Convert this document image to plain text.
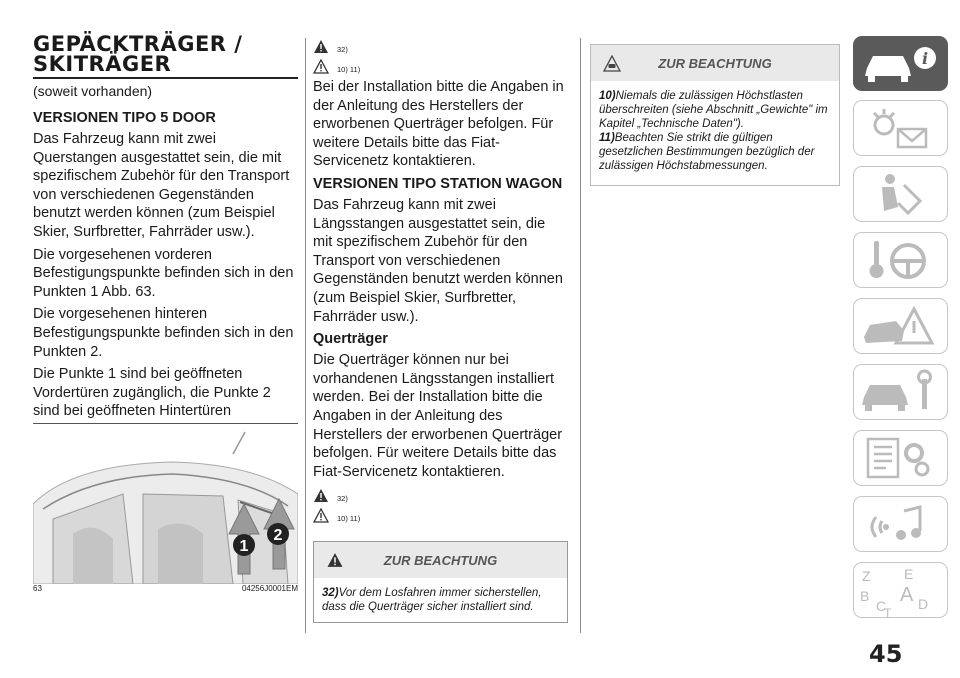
GEPÄCKTRÄGER /
SKITRÄGER
(soweit vorhanden)
VERSIONEN TIPO 5 DOOR

Das Fahrzeug kann mit zwei Querstangen ausgestattet sein, die mit spezifischem Zubehör für den Transport von verschiedenen Gegenständen benutzt werden können (zum Beispiel Skier, Surfbretter, Fahrräder usw.).

Die vorgesehenen vorderen Befestigungspunkte befinden sich in den Punkten 1 Abb. 63.

Die vorgesehenen hinteren Befestigungspunkte befinden sich in den Punkten 2.

Die Punkte 1 sind bei geöffneten Vordertüren zugänglich, die Punkte 2 sind bei geöffneten Hintertüren

1
2
63	04256J0001EM
32)
10) 11)

Bei der Installation bitte die Angaben in der Anleitung des Herstellers der erworbenen Querträger befolgen. Für weitere Details bitte das Fiat-Servicenetz kontaktieren.

VERSIONEN TIPO STATION WAGON

Das Fahrzeug kann mit zwei Längsstangen ausgestattet sein, die mit spezifischem Zubehör für den Transport von verschiedenen Gegenständen benutzt werden können (zum Beispiel Skier, Surfbretter, Fahrräder usw.).

Querträger

Die Querträger können nur bei vorhandenen Längsstangen installiert werden. Bei der Installation bitte die Angaben in der Anleitung des Herstellers der erworbenen Querträger befolgen. Für weitere Details bitte das Fiat-Servicenetz kontaktieren.

32)
10) 11)
ZUR BEACHTUNG

32)Vor dem Losfahren immer sicherstellen, dass die Querträger sicher installiert sind.

ZUR BEACHTUNG

10)Niemals die zulässigen Höchstlasten überschreiten (siehe Abschnitt „Gewichte" im Kapitel „Technische Daten").

11)Beachten Sie strikt die gültigen gesetzlichen Bestimmungen bezüglich der zulässigen Höchstabmessungen.

i
Z E
B A
C D
T
45
